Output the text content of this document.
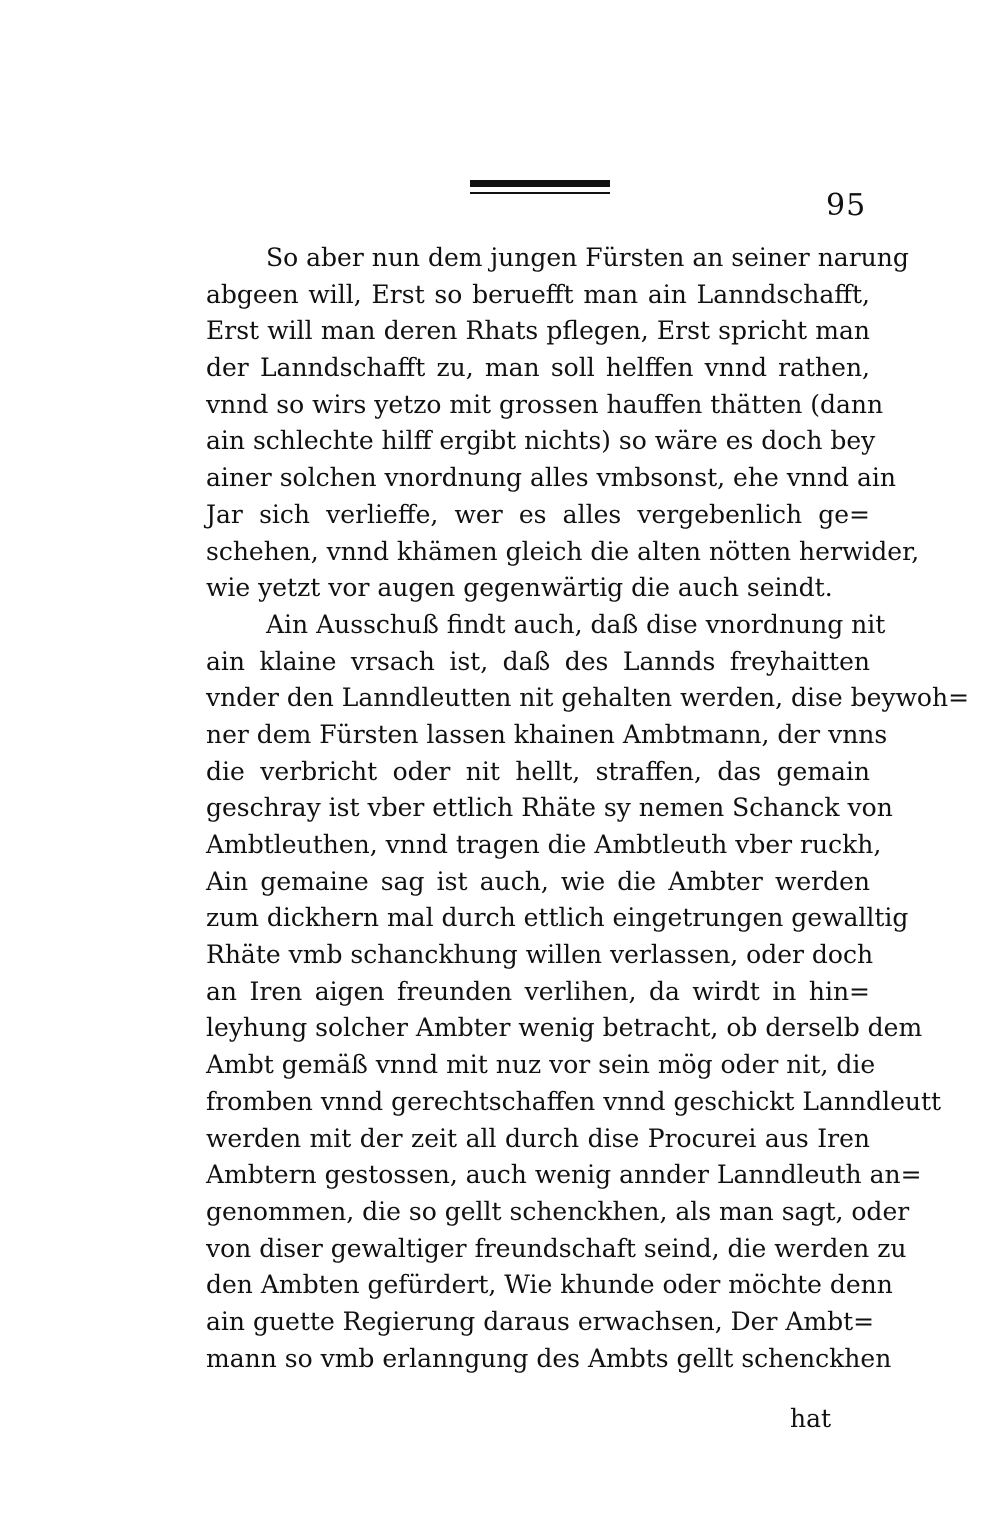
95
So aber nun dem jungen Fürsten an seiner narung
abgeen will, Erst so beruefft man ain Lanndschafft,
Erst will man deren Rhats pflegen, Erst spricht man
der Lanndschafft zu, man soll helffen vnnd rathen,
vnnd so wirs yetzo mit grossen hauffen thätten (dann
ain schlechte hilff ergibt nichts) so wäre es doch bey
ainer solchen vnordnung alles vmbsonst, ehe vnnd ain
Jar sich verlieffe, wer es alles vergebenlich ge=
schehen, vnnd khämen gleich die alten nötten herwider,
wie yetzt vor augen gegenwärtig die auch seindt.
Ain Ausschuß findt auch, daß dise vnordnung nit
ain klaine vrsach ist, daß des Lannds freyhaitten
vnder den Lanndleutten nit gehalten werden, dise beywoh=
ner dem Fürsten lassen khainen Ambtmann, der vnns
die verbricht oder nit hellt, straffen, das gemain
geschray ist vber ettlich Rhäte sy nemen Schanck von
Ambtleuthen, vnnd tragen die Ambtleuth vber ruckh,
Ain gemaine sag ist auch, wie die Ambter werden
zum dickhern mal durch ettlich eingetrungen gewalltig
Rhäte vmb schanckhung willen verlassen, oder doch
an Iren aigen freunden verlihen, da wirdt in hin=
leyhung solcher Ambter wenig betracht, ob derselb dem
Ambt gemäß vnnd mit nuz vor sein mög oder nit, die
fromben vnnd gerechtschaffen vnnd geschickt Lanndleutt
werden mit der zeit all durch dise Procurei aus Iren
Ambtern gestossen, auch wenig annder Lanndleuth an=
genommen, die so gellt schenckhen, als man sagt, oder
von diser gewaltiger freundschaft seind, die werden zu
den Ambten gefürdert, Wie khunde oder möchte denn
ain guette Regierung daraus erwachsen, Der Ambt=
mann so vmb erlanngung des Ambts gellt schenckhen
hat
